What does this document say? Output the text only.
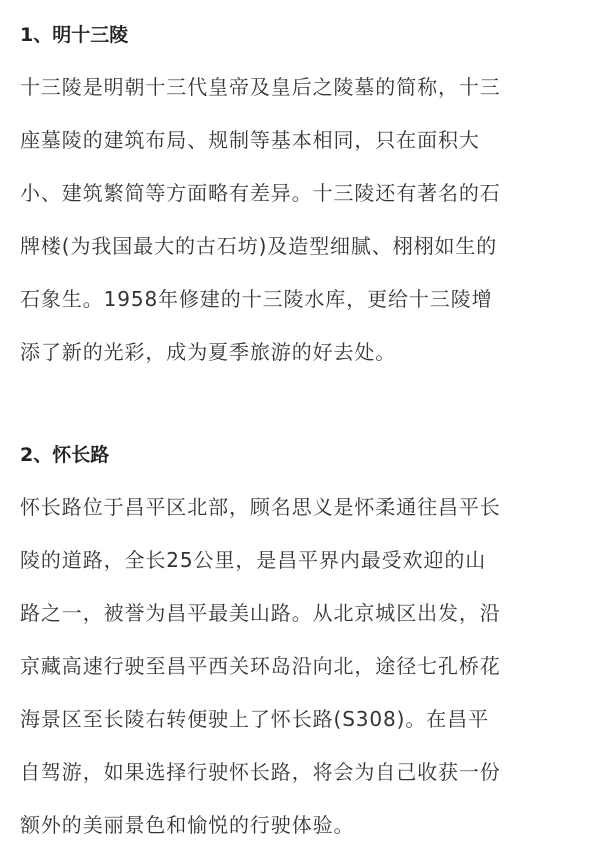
1、明十三陵
十三陵是明朝十三代皇帝及皇后之陵墓的简称，十三
座墓陵的建筑布局、规制等基本相同，只在面积大
小、建筑繁简等方面略有差异。十三陵还有著名的石
牌楼(为我国最大的古石坊)及造型细腻、栩栩如生的
石象生。1958年修建的十三陵水库，更给十三陵增
添了新的光彩，成为夏季旅游的好去处。
2、怀长路
怀长路位于昌平区北部，顾名思义是怀柔通往昌平长
陵的道路，全长25公里，是昌平界内最受欢迎的山
路之一，被誉为昌平最美山路。从北京城区出发，沿
京藏高速行驶至昌平西关环岛沿向北，途径七孔桥花
海景区至长陵右转便驶上了怀长路(S308)。在昌平
自驾游，如果选择行驶怀长路，将会为自己收获一份
额外的美丽景色和愉悦的行驶体验。
